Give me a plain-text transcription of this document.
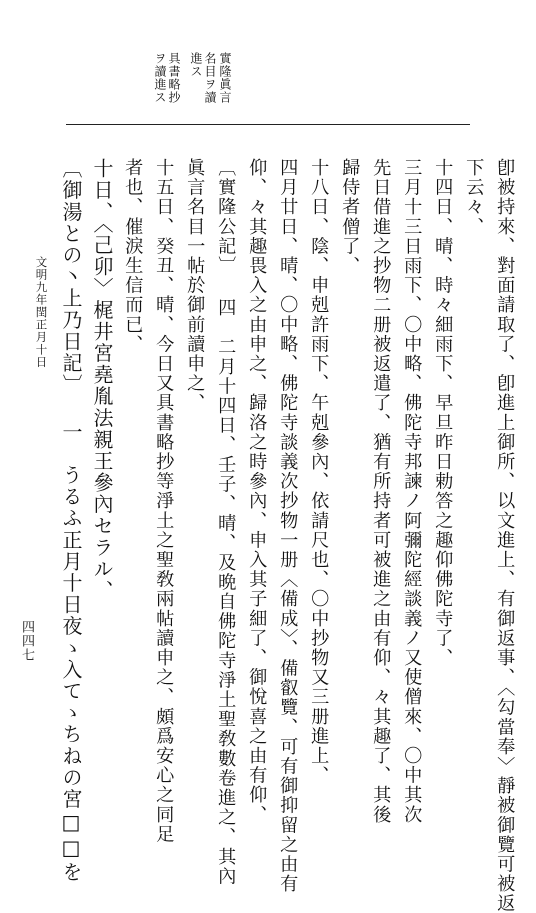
實隆眞言
名目ヲ讀
進ス
具書略抄
ヲ讀進ス
卽被持來、對面請取了、卽進上御所、以文進上、有御返事、〈勾當奉〉靜被御覽可被返
下云々、
十四日、晴、時々細雨下、早旦昨日勅答之趣仰佛陀寺了、
三月十三日雨下、〇中略、佛陀寺邦諫ノ阿彌陀經談義ノ又使僧來、〇中其次
先日借進之抄物二册被返遣了、猶有所持者可被進之由有仰、々其趣了、其後
歸侍者僧了、
十八日、陰、申剋許雨下、午剋參內、依請尺也、〇中抄物又三册進上、
四月廿日、晴、〇中略、佛陀寺談義次抄物一册〈備成〉、備叡覽、可有御抑留之由有
仰、々其趣畏入之由申之、歸洛之時參內、申入其子細了、御悅喜之由有仰、
〔實隆公記〕 四　二月十四日、壬子、晴、及晩自佛陀寺淨土聖敎數卷進之、其內
眞言名目一帖於御前讀申之、
十五日、癸丑、晴、今日又具書略抄等淨土之聖敎兩帖讀申之、頗爲安心之同足
者也、催淚生信而已、
十日、〈己卯〉梶井宮堯胤法親王參內セラル、
〔御湯との丶上乃日記〕 一　うるふ正月十日夜ゝ入てゝちねの宮□□を
文明九年閏正月十日
四四七
